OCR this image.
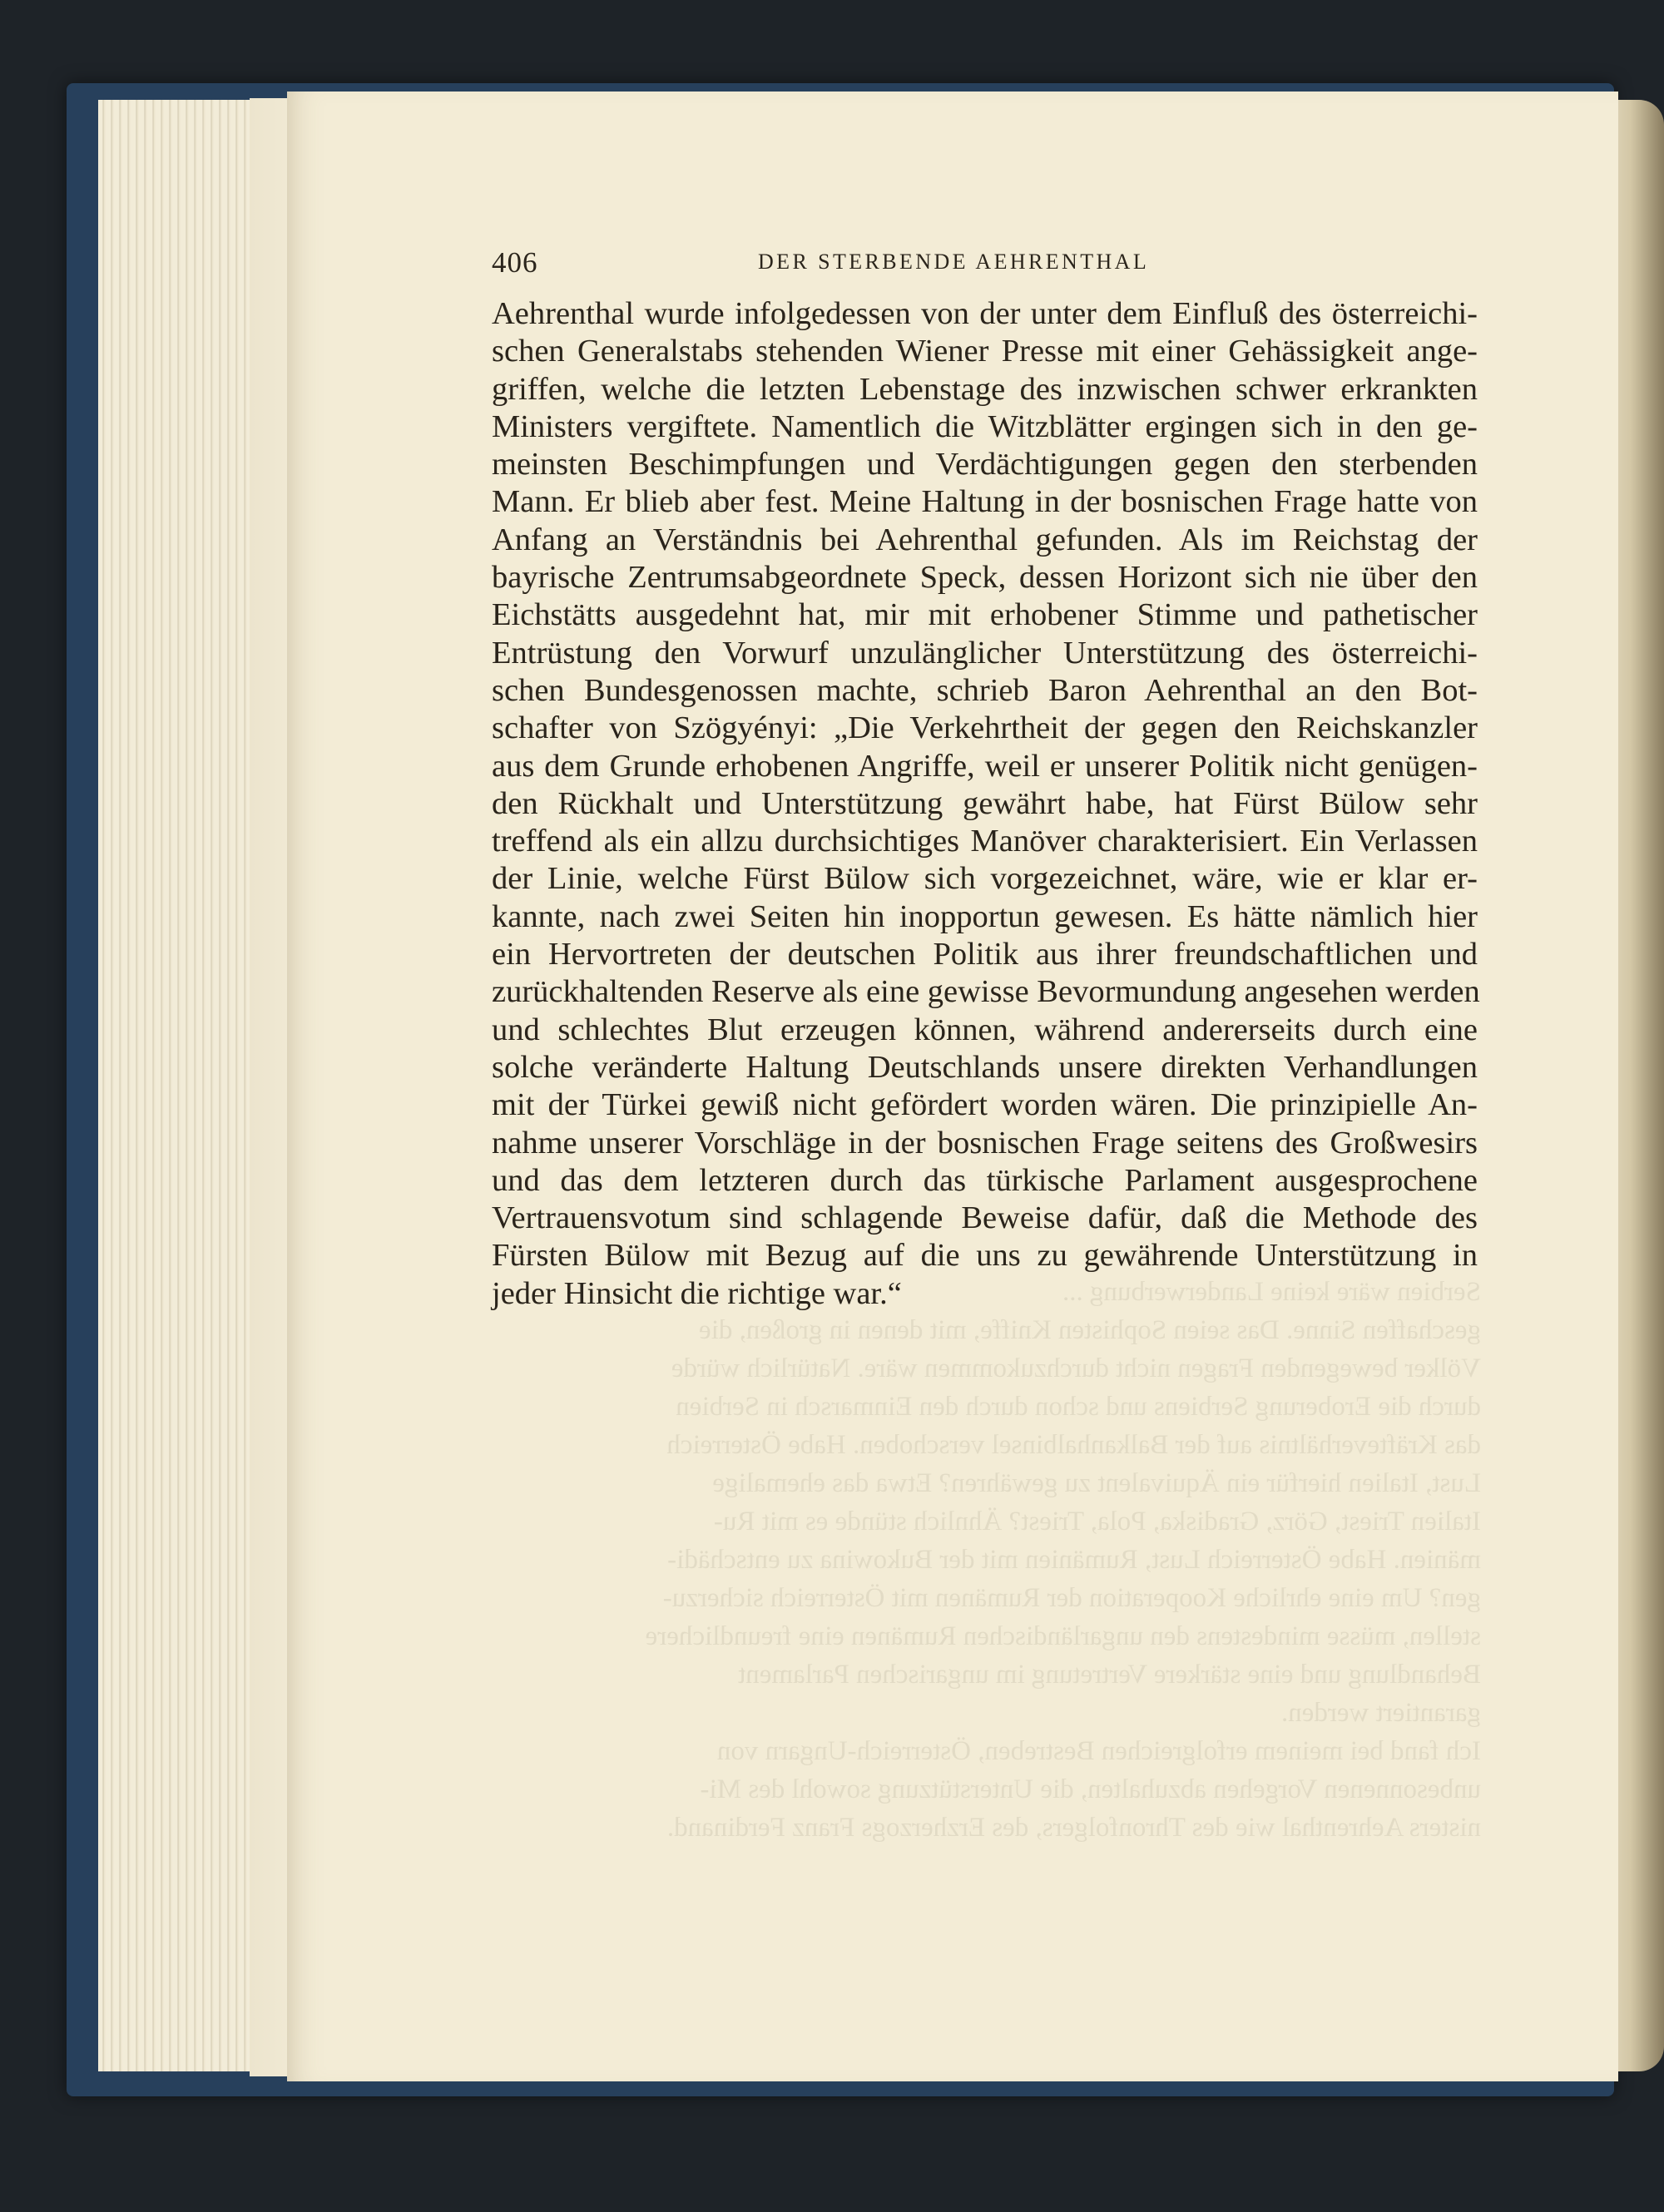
406	DER STERBENDE AEHRENTHAL
Aehrenthal wurde infolgedessen von der unter dem Einfluß des österreichi-
schen Generalstabs stehenden Wiener Presse mit einer Gehässigkeit ange-
griffen, welche die letzten Lebenstage des inzwischen schwer erkrankten
Ministers vergiftete. Namentlich die Witzblätter ergingen sich in den ge-
meinsten Beschimpfungen und Verdächtigungen gegen den sterbenden
Mann. Er blieb aber fest. Meine Haltung in der bosnischen Frage hatte von
Anfang an Verständnis bei Aehrenthal gefunden. Als im Reichstag der
bayrische Zentrumsabgeordnete Speck, dessen Horizont sich nie über den
Eichstätts ausgedehnt hat, mir mit erhobener Stimme und pathetischer
Entrüstung den Vorwurf unzulänglicher Unterstützung des österreichi-
schen Bundesgenossen machte, schrieb Baron Aehrenthal an den Bot-
schafter von Szögyényi: „Die Verkehrtheit der gegen den Reichskanzler
aus dem Grunde erhobenen Angriffe, weil er unserer Politik nicht genügen-
den Rückhalt und Unterstützung gewährt habe, hat Fürst Bülow sehr
treffend als ein allzu durchsichtiges Manöver charakterisiert. Ein Verlassen
der Linie, welche Fürst Bülow sich vorgezeichnet, wäre, wie er klar er-
kannte, nach zwei Seiten hin inopportun gewesen. Es hätte nämlich hier
ein Hervortreten der deutschen Politik aus ihrer freundschaftlichen und
zurückhaltenden Reserve als eine gewisse Bevormundung angesehen werden
und schlechtes Blut erzeugen können, während andererseits durch eine
solche veränderte Haltung Deutschlands unsere direkten Verhandlungen
mit der Türkei gewiß nicht gefördert worden wären. Die prinzipielle An-
nahme unserer Vorschläge in der bosnischen Frage seitens des Großwesirs
und das dem letzteren durch das türkische Parlament ausgesprochene
Vertrauensvotum sind schlagende Beweise dafür, daß die Methode des
Fürsten Bülow mit Bezug auf die uns zu gewährende Unterstützung in
jeder Hinsicht die richtige war.“
